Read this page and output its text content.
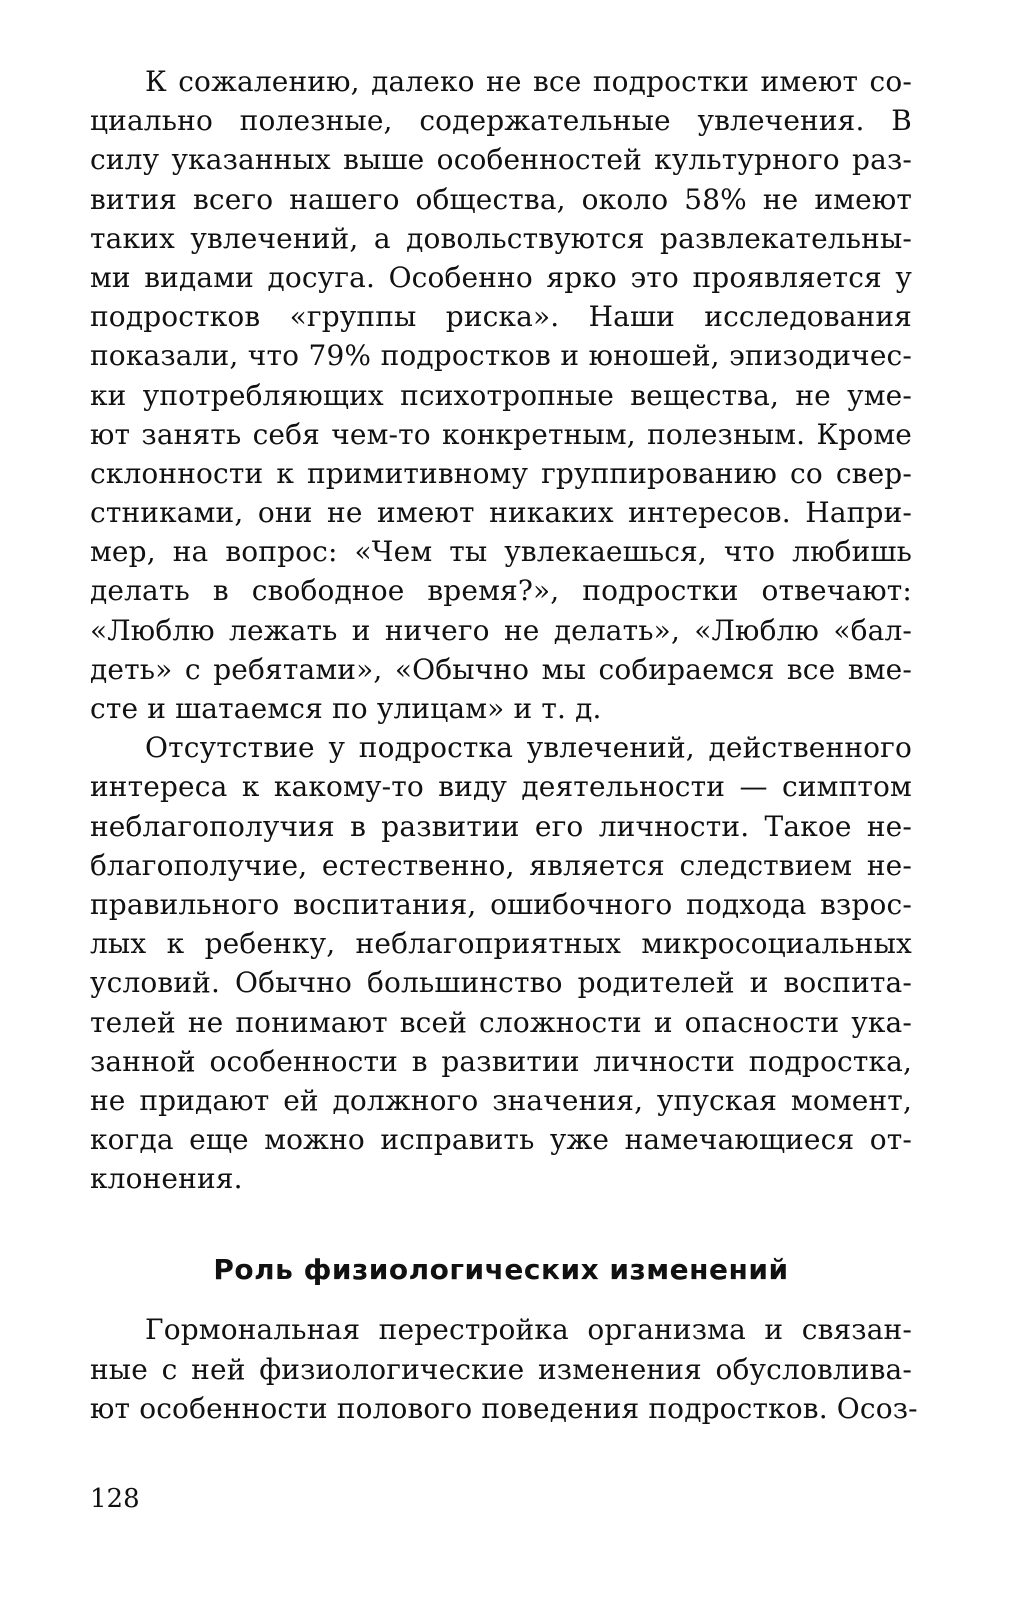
К сожалению, далеко не все подростки имеют со-
циально полезные, содержательные увлечения. В
силу указанных выше особенностей культурного раз-
вития всего нашего общества, около 58% не имеют
таких увлечений, а довольствуются развлекательны-
ми видами досуга. Особенно ярко это проявляется у
подростков «группы риска». Наши исследования
показали, что 79% подростков и юношей, эпизодичес-
ки употребляющих психотропные вещества, не уме-
ют занять себя чем-то конкретным, полезным. Кроме
склонности к примитивному группированию со свер-
стниками, они не имеют никаких интересов. Напри-
мер, на вопрос: «Чем ты увлекаешься, что любишь
делать в свободное время?», подростки отвечают:
«Люблю лежать и ничего не делать», «Люблю «бал-
деть» с ребятами», «Обычно мы собираемся все вме-
сте и шатаемся по улицам» и т. д.
Отсутствие у подростка увлечений, действенного
интереса к какому-то виду деятельности — симптом
неблагополучия в развитии его личности. Такое не-
благополучие, естественно, является следствием не-
правильного воспитания, ошибочного подхода взрос-
лых к ребенку, неблагоприятных микросоциальных
условий. Обычно большинство родителей и воспита-
телей не понимают всей сложности и опасности ука-
занной особенности в развитии личности подростка,
не придают ей должного значения, упуская момент,
когда еще можно исправить уже намечающиеся от-
клонения.
Роль физиологических изменений
Гормональная перестройка организма и связан-
ные с ней физиологические изменения обусловлива-
ют особенности полового поведения подростков. Осоз-
128
